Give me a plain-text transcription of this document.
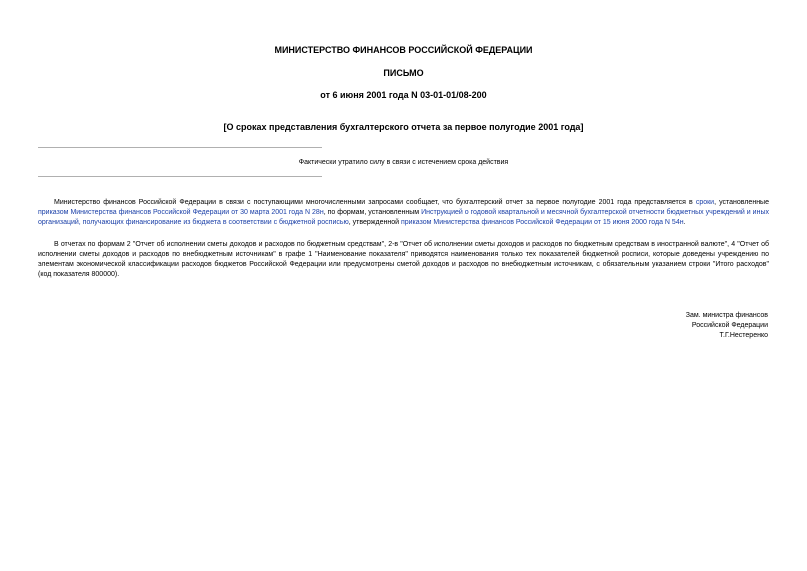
МИНИСТЕРСТВО ФИНАНСОВ РОССИЙСКОЙ ФЕДЕРАЦИИ
ПИСЬМО
от 6 июня 2001 года N 03-01-01/08-200
[О сроках представления бухгалтерского отчета за первое полугодие 2001 года]
Фактически утратило силу в связи с истечением срока действия

Министерство финансов Российской Федерации в связи с поступающими многочисленными запросами сообщает, что бухгалтерский отчет за первое полугодие 2001 года представляется в сроки, установленные приказом Министерства финансов Российской Федерации от 30 марта 2001 года N 28н, по формам, установленным Инструкцией о годовой квартальной и месячной бухгалтерской отчетности бюджетных учреждений и иных организаций, получающих финансирование из бюджета в соответствии с бюджетной росписью, утвержденной приказом Министерства финансов Российской Федерации от 15 июня 2000 года N 54н.

В отчетах по формам 2 "Отчет об исполнении сметы доходов и расходов по бюджетным средствам", 2-в "Отчет об исполнении сметы доходов и расходов по бюджетным средствам в иностранной валюте", 4 "Отчет об исполнении сметы доходов и расходов по внебюджетным источникам" в графе 1 "Наименование показателя" приводятся наименования только тех показателей бюджетной росписи, которые доведены учреждению по элементам экономической классификации расходов бюджетов Российской Федерации или предусмотрены сметой доходов и расходов по внебюджетным источникам, с обязательным указанием строки "Итого расходов" (код показателя 800000).

Зам. министра финансов
Российской Федерации
Т.Г.Нестеренко
